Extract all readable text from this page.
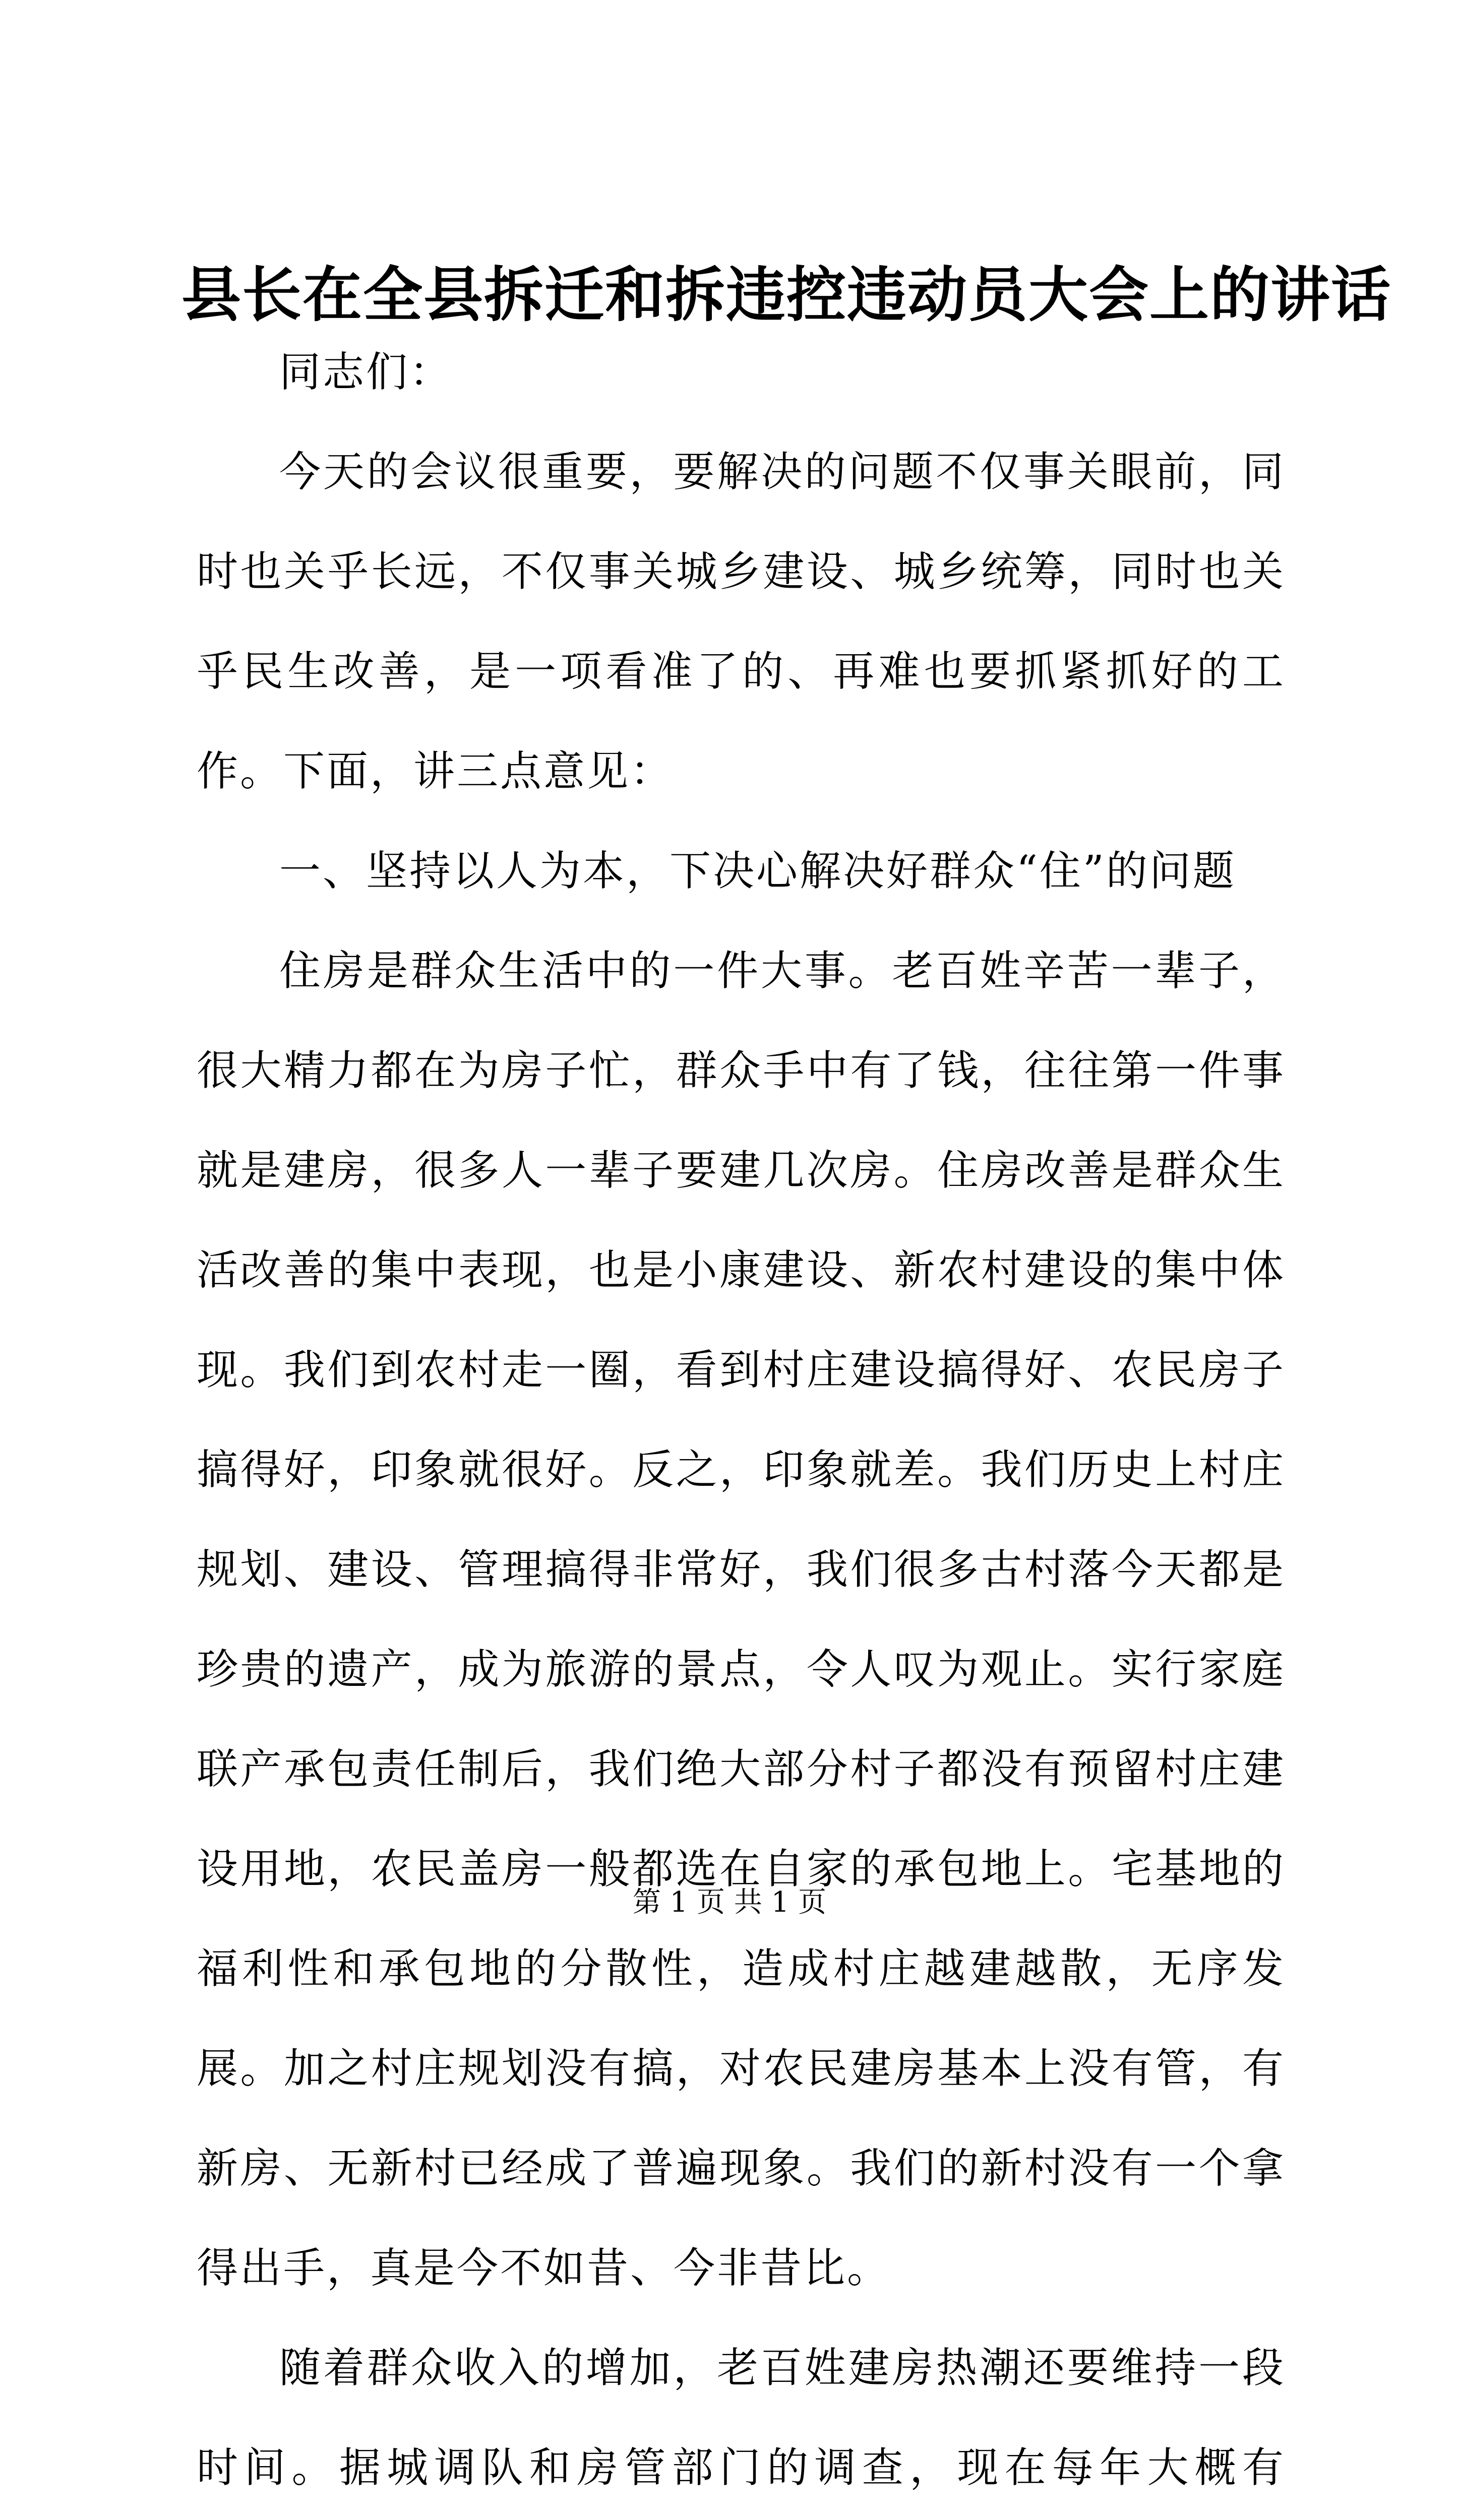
县长在全县拆迁和拆违控违动员大会上的讲话

同志们：

今天的会议很重要，要解决的问题不仅事关眼前，同时也关乎长远，不仅事关城乡建设、城乡统筹，同时也关乎民生改善，是一项看准了的、再难也要抓紧抓好的工作。下面，讲三点意见：

一、坚持以人为本，下决心解决好群众“住”的问题

住房是群众生活中的一件大事。老百姓辛苦一辈子，很大精力都在为房子忙，群众手中有了钱，往往第一件事就是建房，很多人一辈子要建几次房。住房改善是群众生活改善的集中表现，也是小康建设、新农村建设的集中体现。我们到农村走一圈，看到村庄建设搞得好、农民房子搞得好，印象就很好。反之，印象就差。我们历史上村庄规划、建设、管理搞得非常好，我们很多古村落今天都是珍贵的遗产，成为旅游的景点，令人叹为观止。实行家庭联产承包责任制后，我们绝大部分村子都没有预留村庄建设用地，农民盖房一般都选在自家的承包地上。宅基地的福利性和承包地的分散性，造成村庄越建越散，无序发展。加之村庄规划没有搞，对农民建房基本上没有管，有新房、无新村已经成了普遍现象。我们的新村没有一个拿得出手，真是今不如昔、今非昔比。

随着群众收入的增加，老百姓建房热潮还要维持一段时间。据城调队和房管部门的调查，现在每年大概有

第 1 页 共 1 页
